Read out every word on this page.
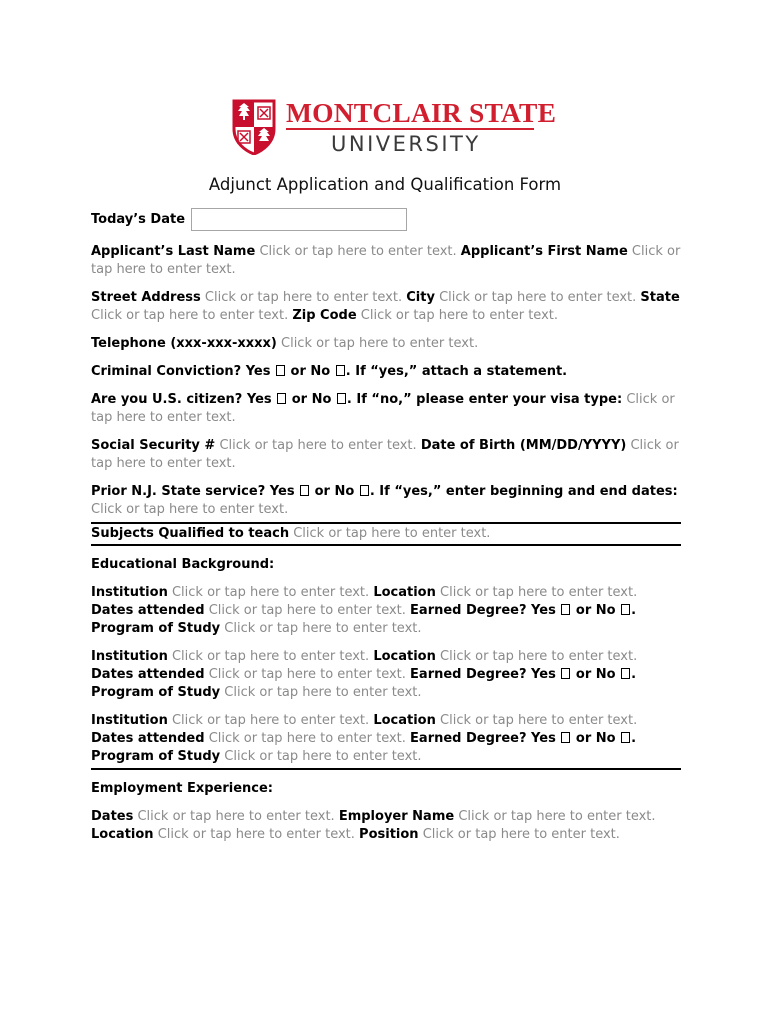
MONTCLAIR STATE
UNIVERSITY
Adjunct Application and Qualification Form
Today’s Date
Applicant’s Last Name Click or tap here to enter text. Applicant’s First Name Click or tap here to enter text.
Street Address Click or tap here to enter text. City Click or tap here to enter text. State Click or tap here to enter text. Zip Code Click or tap here to enter text.
Telephone (xxx-xxx-xxxx) Click or tap here to enter text.
Criminal Conviction? Yes or No . If “yes,” attach a statement.
Are you U.S. citizen? Yes or No . If “no,” please enter your visa type: Click or tap here to enter text.
Social Security # Click or tap here to enter text. Date of Birth (MM/DD/YYYY) Click or tap here to enter text.
Prior N.J. State service? Yes or No . If “yes,” enter beginning and end dates: Click or tap here to enter text.
Subjects Qualified to teach Click or tap here to enter text.
Educational Background:
Institution Click or tap here to enter text. Location Click or tap here to enter text. Dates attended Click or tap here to enter text. Earned Degree? Yes or No . Program of Study Click or tap here to enter text.
Institution Click or tap here to enter text. Location Click or tap here to enter text. Dates attended Click or tap here to enter text. Earned Degree? Yes or No . Program of Study Click or tap here to enter text.
Institution Click or tap here to enter text. Location Click or tap here to enter text. Dates attended Click or tap here to enter text. Earned Degree? Yes or No . Program of Study Click or tap here to enter text.
Employment Experience:
Dates Click or tap here to enter text. Employer Name Click or tap here to enter text. Location Click or tap here to enter text. Position Click or tap here to enter text.
